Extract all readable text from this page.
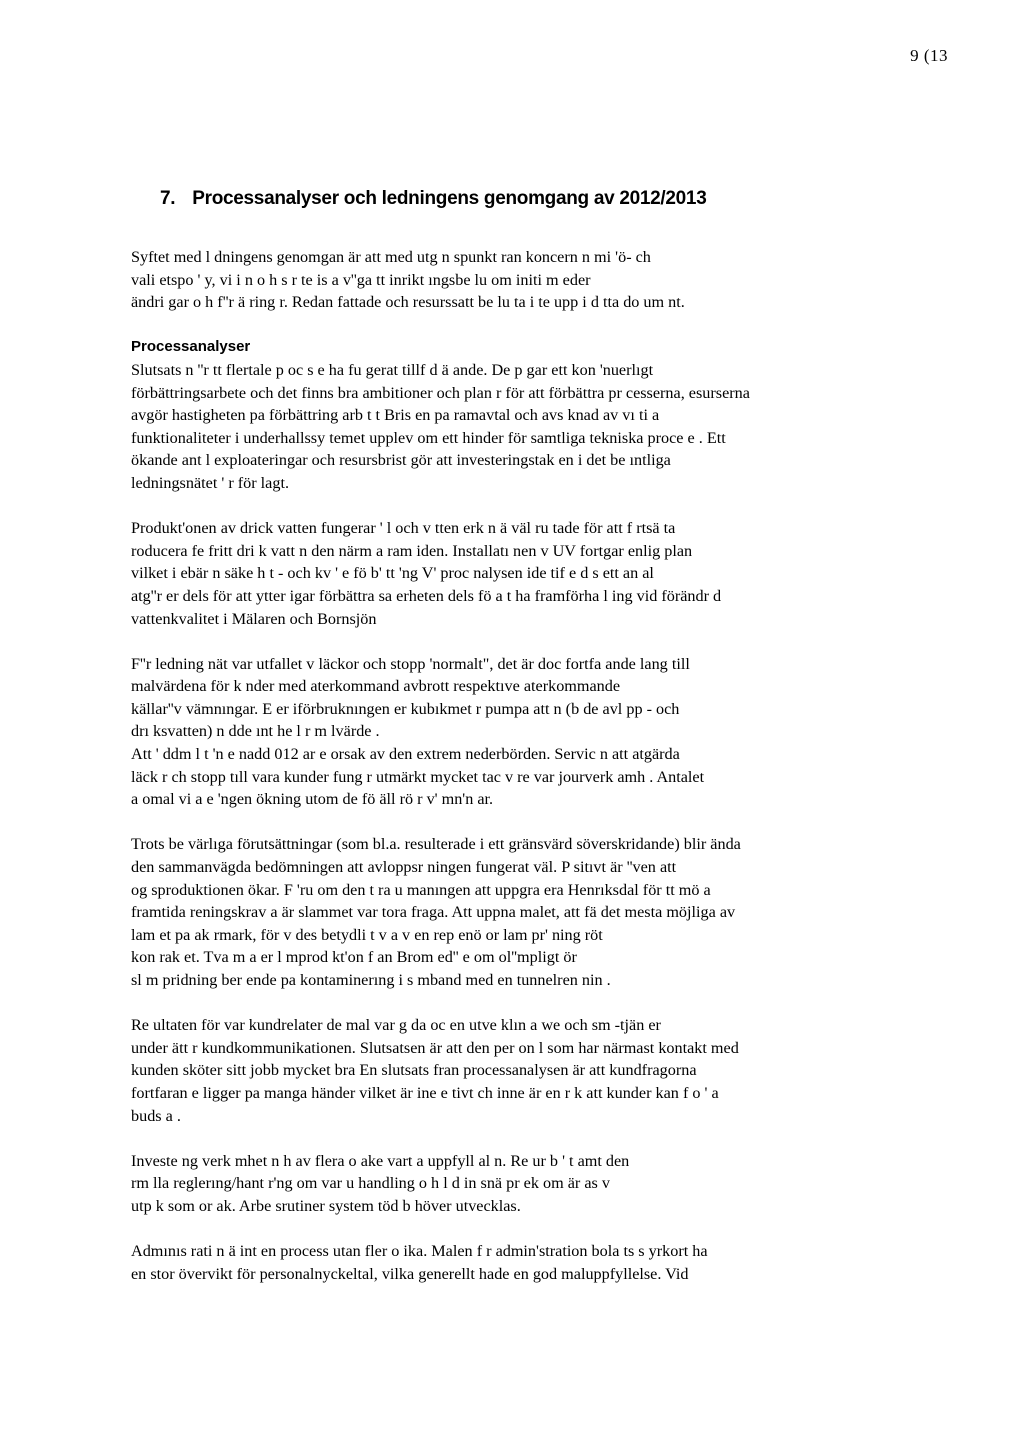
9 (13
7. Processanalyser och ledningens genomgang av 2012/2013

Syftet med l dningens genomgan är att med utg n spunkt ran koncern n mi 'ö- ch
vali etspo ' y, vi i n o h s r te is a v''ga tt inrikt ıngsbe lu om initi m eder
ändri gar o h f''r ä ring r. Redan fattade och resurssatt be lu ta i te upp i d tta do um nt.

Processanalyser
Slutsats n ''r tt flertale p oc s e ha fu gerat tillf d ä ande. De p gar ett kon 'nuerlıgt
förbättringsarbete och det finns bra ambitioner och plan r för att förbättra pr cesserna, esurserna
avgör hastigheten pa förbättring arb t t Bris en pa ramavtal och avs knad av vı ti a
funktionaliteter i underhallssy temet upplev om ett hinder för samtliga tekniska proce e . Ett
ökande ant l exploateringar och resursbrist gör att investeringstak en i det be ıntliga
ledningsnätet ' r för lagt.

Produkt'onen av drick vatten fungerar ' l och v tten erk n ä väl ru tade för att f rtsä ta
roducera fe fritt dri k vatt n den närm a ram iden. Installatı nen v UV fortgar enlig plan
vilket i ebär n säke h t - och kv ' e fö b' tt 'ng V' proc nalysen ide tif e d s ett an al
atg''r er dels för att ytter igar förbättra sa erheten dels fö a t ha framförha l ing vid förändr d
vattenkvalitet i Mälaren och Bornsjön

F''r ledning nät var utfallet v läckor och stopp 'normalt", det är doc fortfa ande lang till
malvärdena för k nder med aterkommand avbrott respektıve aterkommande
källar''v vämnıngar. E er iförbruknıngen er kubıkmet r pumpa att n (b de avl pp - och
drı ksvatten) n dde ınt he l r m lvärde .
Att ' ddm l t 'n e nadd 012 ar e orsak av den extrem nederbörden. Servic n att atgärda
läck r ch stopp tıll vara kunder fung r utmärkt mycket tac v re var jourverk amh . Antalet
a omal vi a e 'ngen ökning utom de fö äll rö r v' mn'n ar.

Trots be värlıga förutsättningar (som bl.a. resulterade i ett gränsvärd söverskridande) blir ända
den sammanvägda bedömningen att avloppsr ningen fungerat väl. P sitıvt är ''ven att
og sproduktionen ökar. F 'ru om den t ra u manıngen att uppgra era Henrıksdal för tt mö a
framtida reningskrav a är slammet var tora fraga. Att uppna malet, att fä det mesta möjliga av
lam et pa ak rmark, för v des betydli t v a v en rep enö or lam pr' ning röt
kon rak et. Tva m a er l mprod kt'on f an Brom ed'' e om ol''mpligt ör
sl m pridning ber ende pa kontaminerıng i s mband med en tunnelren nin .

Re ultaten för var kundrelater de mal var g da oc en utve klın a we och sm -tjän er
under ätt r kundkommunikationen. Slutsatsen är att den per on l som har närmast kontakt med
kunden sköter sitt jobb mycket bra En slutsats fran processanalysen är att kundfragorna
fortfaran e ligger pa manga händer vilket är ine e tivt ch inne är en r k att kunder kan f o ' a
buds a .

Investe ng verk mhet n h av flera o ake vart a uppfyll al n. Re ur b ' t amt den
rm lla reglerıng/hant r'ng om var u handling o h l d in snä pr ek om är as v
utp k som or ak. Arbe srutiner system töd b höver utvecklas.

Admınıs rati n ä int en process utan fler o ika. Malen f r admin'stration bola ts s yrkort ha
en stor övervikt för personalnyckeltal, vilka generellt hade en god maluppfyllelse. Vid
